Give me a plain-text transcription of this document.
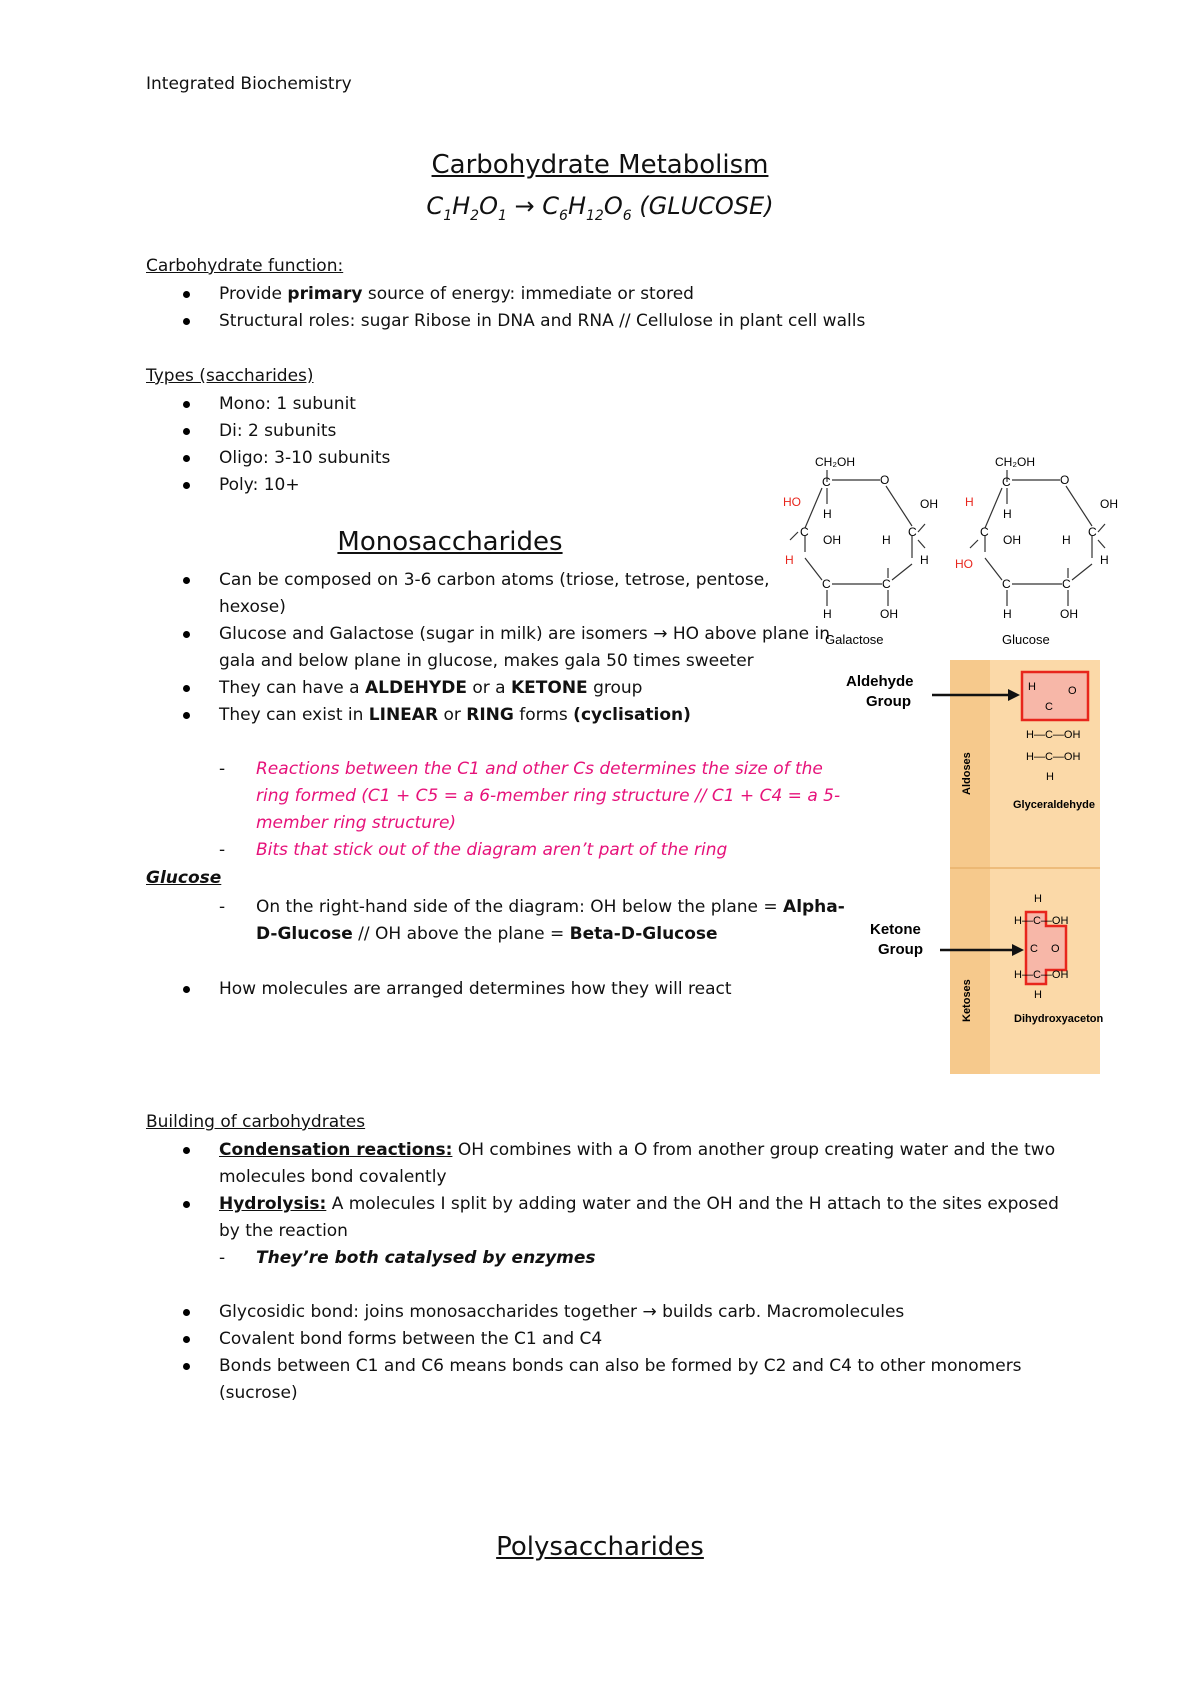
Integrated Biochemistry
Carbohydrate Metabolism
$C_1H_2O_1 \to C_6H_{12}O_6$ (GLUCOSE)
Carbohydrate function:
Provide primary source of energy: immediate or stored
Structural roles: sugar Ribose in DNA and RNA // Cellulose in plant cell walls
Types (saccharides)
Mono: 1 subunit
Di: 2 subunits
Oligo: 3-10 subunits
Poly: 10+
Monosaccharides
Can be composed on 3-6 carbon atoms (triose, tetrose, pentose, hexose)
Glucose and Galactose (sugar in milk) are isomers → HO above plane in gala and below plane in glucose, makes gala 50 times sweeter
They can have a ALDEHYDE or a KETONE group
They can exist in LINEAR or RING forms (cyclisation)
- Reactions between the C1 and other Cs determines the size of the ring formed (C1 + C5 = a 6-member ring structure // C1 + C4 = a 5-member ring structure)
- Bits that stick out of the diagram aren’t part of the ring
Glucose
- On the right-hand side of the diagram: OH below the plane = Alpha-D-Glucose // OH above the plane = Beta-D-Glucose
How molecules are arranged determines how they will react
Building of carbohydrates
Condensation reactions: OH combines with a O from another group creating water and the two molecules bond covalently
Hydrolysis: A molecules I split by adding water and the OH and the H attach to the sites exposed by the reaction
- They’re both catalysed by enzymes
Glycosidic bond: joins monosaccharides together → builds carb. Macromolecules
Covalent bond forms between the C1 and C4
Bonds between C1 and C6 means bonds can also be formed by C2 and C4 to other monomers (sucrose)
Polysaccharides
CH₂OH
C	O
HO
H
C
C
OH
H
H
OH	H
C	C
H	OH
Galactose
CH₂OH
C	O
H
H
C
C
OH
H
HO
OH	H
C	C
H	OH
Glucose
Aldehyde
Group
H
C
O
H—C—OH
H—C—OH
H
Glyceraldehyde
Aldoses
Ketone
Group
H
H—C—OH
C O
H—C—OH
H
Dihydroxyaceton
Ketoses
